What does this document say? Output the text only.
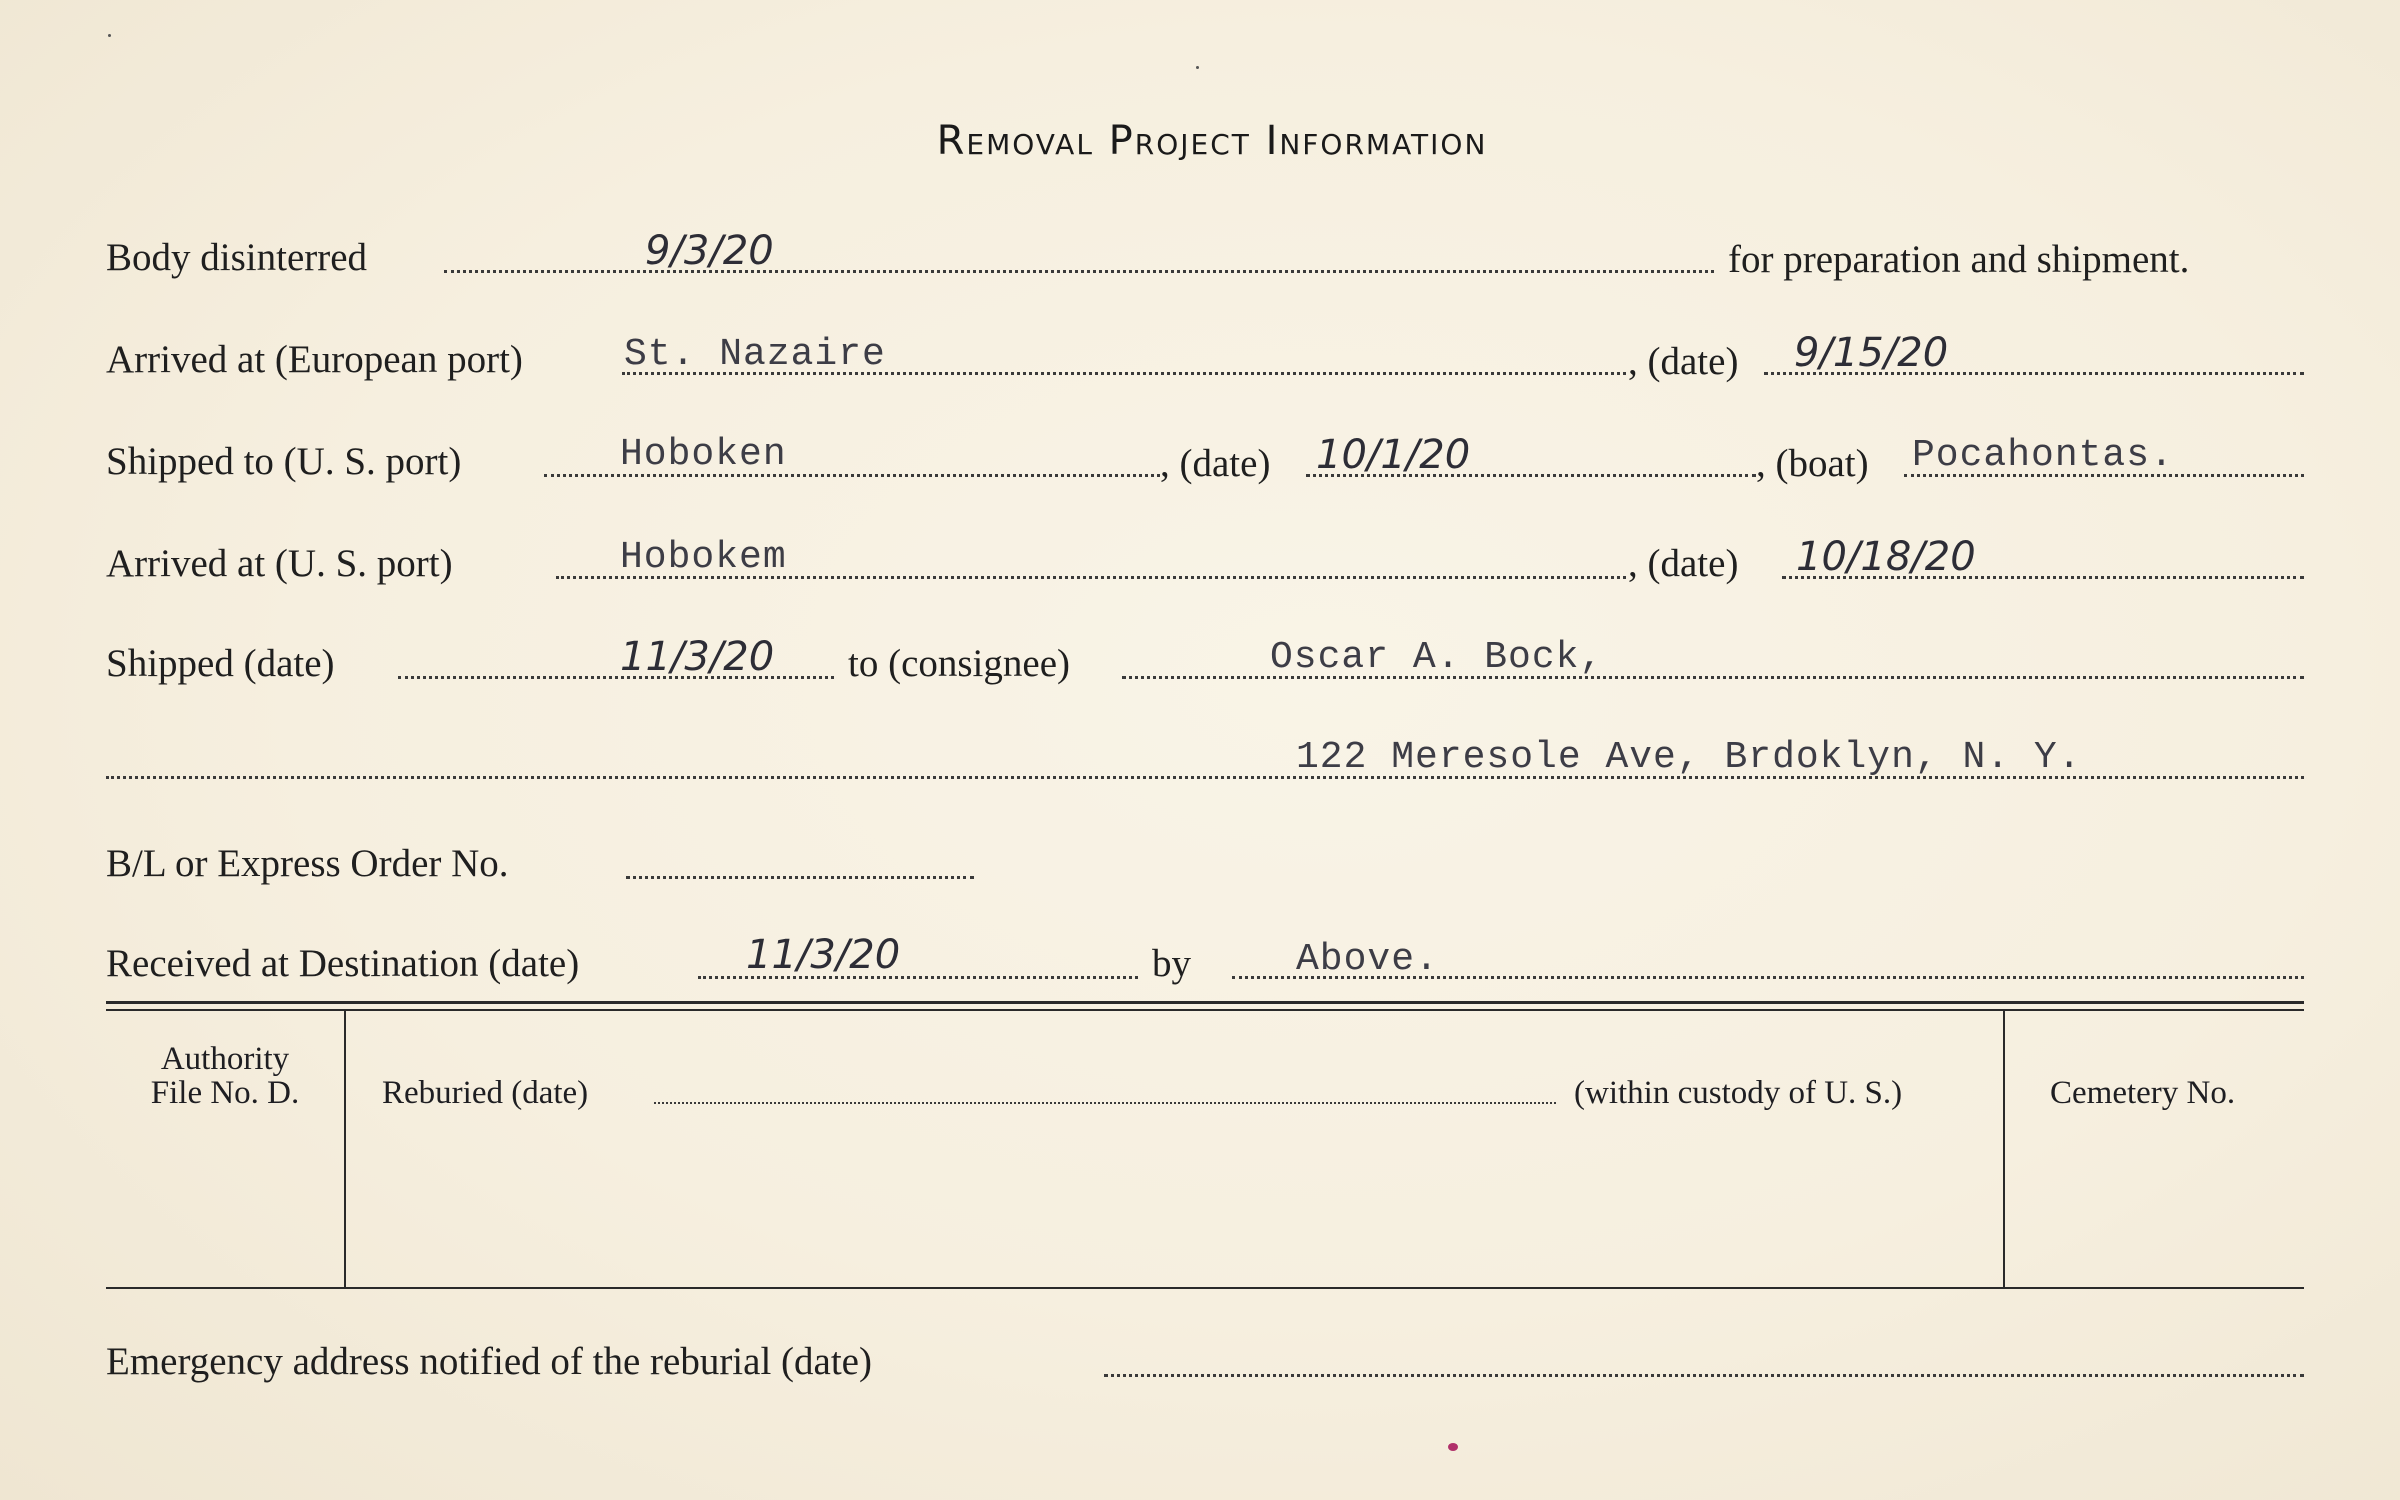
Removal Project Information
Body disinterred	9/3/20	for preparation and shipment.
Arrived at (European port)	St. Nazaire	, (date) 9/15/20
Shipped to (U. S. port)	Hoboken	, (date) 10/1/20	, (boat) Pocahontas.
Arrived at (U. S. port)	Hobokem	, (date) 10/18/20
Shipped (date)	11/3/20 to (consignee)	Oscar A. Bock,
122 Meresole Ave, Brdoklyn, N. Y.
B/L or Express Order No.
Received at Destination (date)	11/3/20	by	Above.
Authority
File No. D.	Reburied (date)	(within custody of U. S.)	Cemetery No.
Emergency address notified of the reburial (date)
